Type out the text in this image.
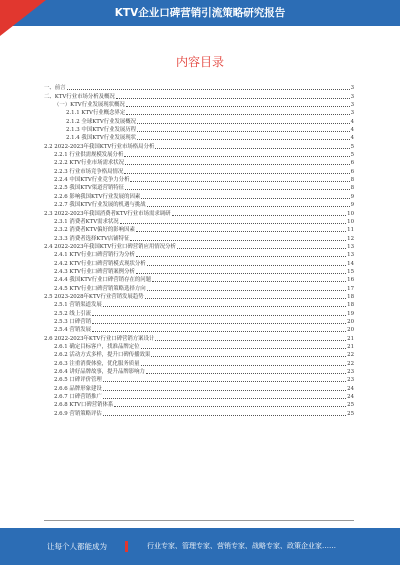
KTV企业口碑营销引流策略研究报告
内容目录
一、前言	3
二、KTV行业市场分析及概况	3
（一）KTV行业发展现状概况	3
2.1.1 KTV行业概念界定	3
2.1.2 全球KTV行业发展概况	4
2.1.3 中国KTV行业发展历程	4
2.1.4 我国KTV行业发展现状	4
2.2 2022-2023年我国KTV行业市场格局分析	5
2.2.1 行业供需规模发展分析	5
2.2.2 KTV行业市场需求状况	6
2.2.3 行业市场竞争格局情况	6
2.2.4 中国KTV行业竞争力分析	8
2.2.5 我国KTV渠道营销特征	8
2.2.6 影响我国KTV行业发展的因素	9
2.2.7 我国KTV行业发展的机遇与挑战	9
2.3 2022-2023年我国消费者KTV行业市场需求调研	10
2.3.1 消费者KTV需求状况	10
2.3.2 消费者KTV偏好的影响因素	11
2.3.3 消费者选择KTV店铺特征	12
2.4 2022-2023年我国KTV行业口碑营销应用情况分析	13
2.4.1 KTV行业口碑营销行为分析	13
2.4.2 KTV行业口碑营销模式现状分析	14
2.4.3 KTV行业口碑营销案例分析	15
2.4.4 我国KTV行业口碑营销存在的问题	16
2.4.5 KTV行业口碑营销策略选择方向	17
2.5 2023-2028年KTV行业营销发展趋势	18
2.5.1 营销渠道发展	18
2.5.2 线上引流	19
2.5.3 口碑营销	20
2.5.4 营销发展	20
2.6 2022-2023年KTV行业口碑营销方案设计	21
2.6.1 确定目标客户，找准品牌定位	21
2.6.2 活动方式多样，提升口碑传播效果	22
2.6.3 注重消费体验，优化服务质量	22
2.6.4 讲好品牌故事，提升品牌影响力	23
2.6.5 口碑评价管理	23
2.6.6 品牌形象建设	24
2.6.7 口碑营销推广	24
2.6.8 KTV口碑营销体系	25
2.6.9 营销策略评估	25
让每个人都能成为	行业专家、管理专家、营销专家、战略专家、政策企业家……
